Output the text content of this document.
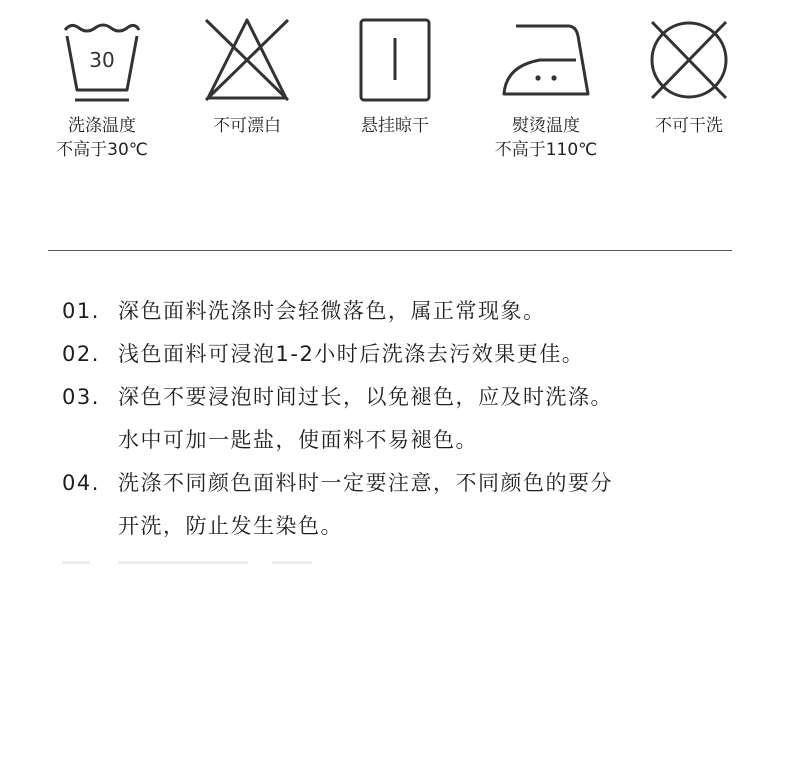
30
洗涤温度
不高于30℃
不可漂白	悬挂晾干	熨烫温度
不高于110℃
不可干洗
01. 深色面料洗涤时会轻微落色，属正常现象。
02. 浅色面料可浸泡1-2小时后洗涤去污效果更佳。
03. 深色不要浸泡时间过长，以免褪色，应及时洗涤。
水中可加一匙盐，使面料不易褪色。
04. 洗涤不同颜色面料时一定要注意，不同颜色的要分
开洗，防止发生染色。
